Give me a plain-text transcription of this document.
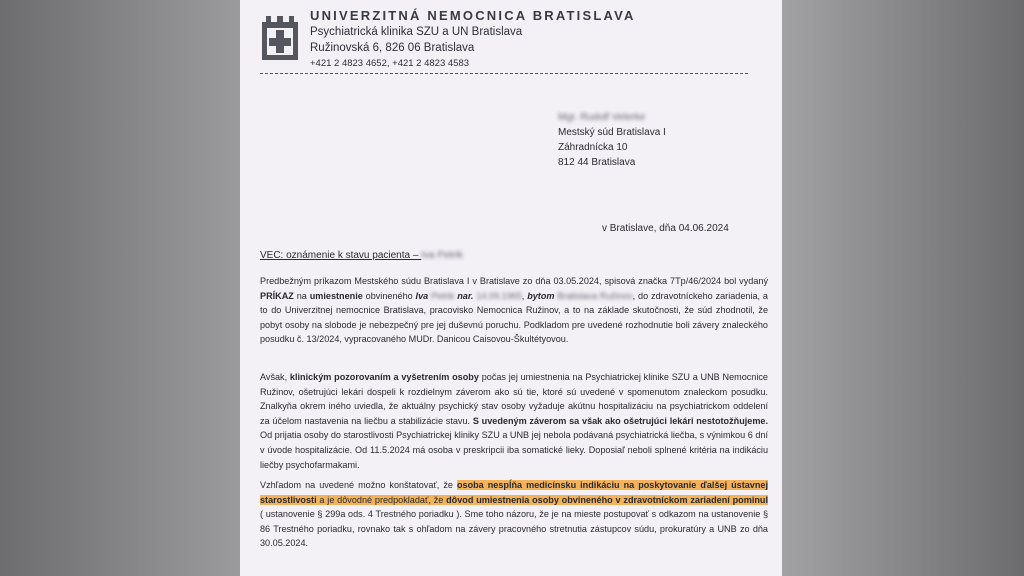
UNIVERZITNÁ NEMOCNICA BRATISLAVA
Psychiatrická klinika SZU a UN Bratislava
Ružinovská 6, 826 06 Bratislava
+421 2 4823 4652, +421 2 4823 4583
Mgr. Rudolf Velerke
Mestský súd Bratislava I
Záhradnícka 10
812 44 Bratislava
v Bratislave, dňa 04.06.2024
VEC: oznámenie k stavu pacienta – Iva Petrik
Predbežným príkazom Mestského súdu Bratislava I v Bratislave zo dňa 03.05.2024, spisová značka 7Tp/46/2024 bol vydaný PRÍKAZ na umiestnenie obvineného Iva Petrik nar. 14.09.1965, bytom Bratislava Ružinov, do zdravotníckeho zariadenia, a to do Univerzitnej nemocnice Bratislava, pracovisko Nemocnica Ružinov, a to na základe skutočnosti, že súd zhodnotil, že pobyt osoby na slobode je nebezpečný pre jej duševnú poruchu. Podkladom pre uvedené rozhodnutie boli závery znaleckého posudku č. 13/2024, vypracovaného MUDr. Danicou Caisovou-Škultétyovou.
Avšak, klinickým pozorovaním a vyšetrením osoby počas jej umiestnenia na Psychiatrickej klinike SZU a UNB Nemocnice Ružinov, ošetrujúci lekári dospeli k rozdielnym záverom ako sú tie, ktoré sú uvedené v spomenutom znaleckom posudku. Znalkyňa okrem iného uviedla, že aktuálny psychický stav osoby vyžaduje akútnu hospitalizáciu na psychiatrickom oddelení za účelom nastavenia na liečbu a stabilizácie stavu. S uvedeným záverom sa však ako ošetrujúci lekári nestotožňujeme. Od prijatia osoby do starostlivosti Psychiatrickej kliniky SZU a UNB jej nebola podávaná psychiatrická liečba, s výnimkou 6 dní v úvode hospitalizácie. Od 11.5.2024 má osoba v preskripcii iba somatické lieky. Doposiaľ neboli splnené kritéria na indikáciu liečby psychofarmakami.
Vzhľadom na uvedené možno konštatovať, že osoba nespĺňa medicínsku indikáciu na poskytovanie ďalšej ústavnej starostlivosti a je dôvodné predpokladať, že dôvod umiestnenia osoby obvineného v zdravotníckom zariadení pominul ( ustanovenie § 299a ods. 4 Trestného poriadku ). Sme toho názoru, že je na mieste postupovať s odkazom na ustanovenie § 86 Trestného poriadku, rovnako tak s ohľadom na závery pracovného stretnutia zástupcov súdu, prokuratúry a UNB zo dňa 30.05.2024.
